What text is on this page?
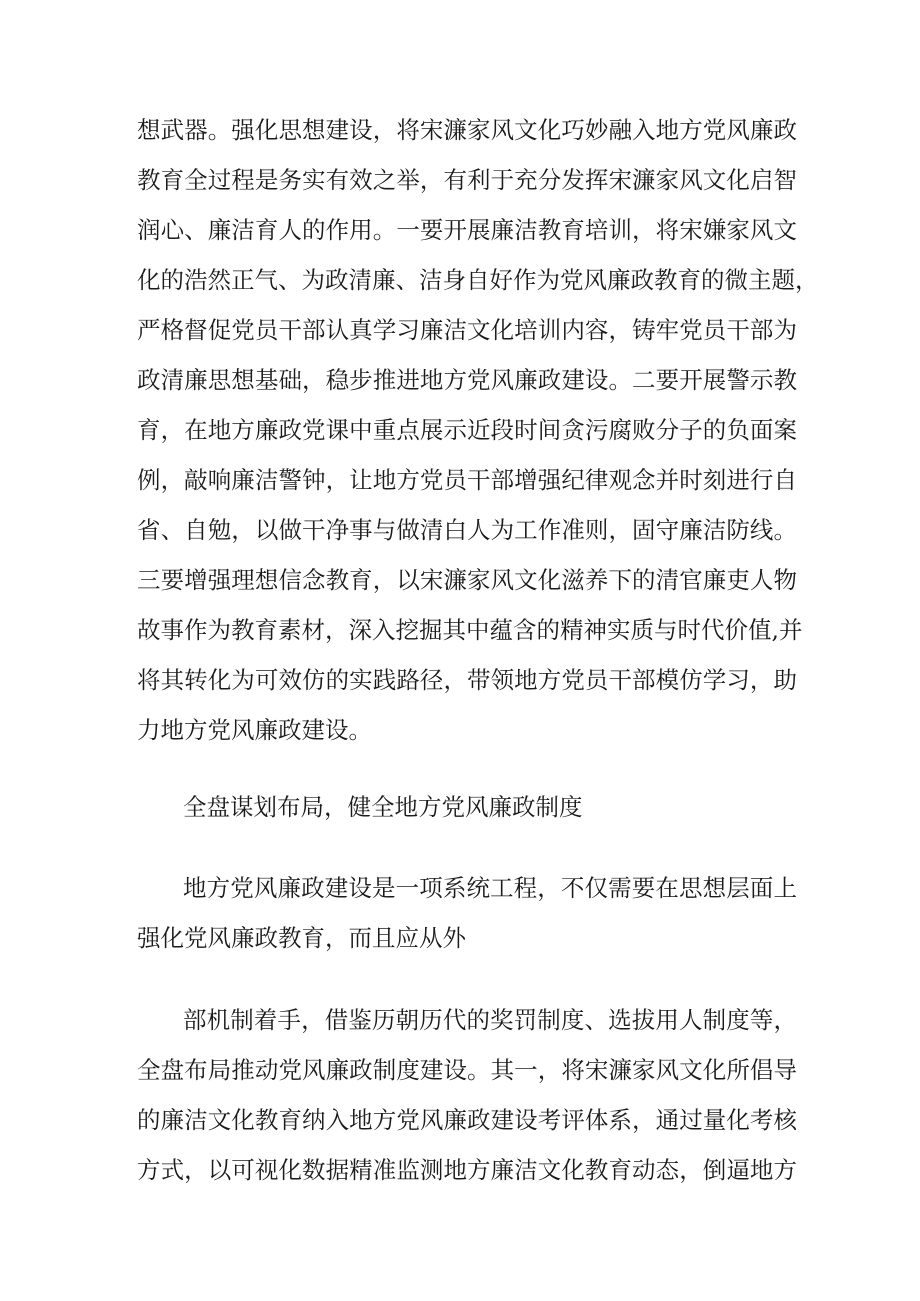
想武器。强化思想建设，将宋濂家风文化巧妙融入地方党风廉政
教育全过程是务实有效之举，有利于充分发挥宋濂家风文化启智
润心、廉洁育人的作用。一要开展廉洁教育培训，将宋嫌家风文
化的浩然正气、为政清廉、洁身自好作为党风廉政教育的微主题，
严格督促党员干部认真学习廉洁文化培训内容，铸牢党员干部为
政清廉思想基础，稳步推进地方党风廉政建设。二要开展警示教
育，在地方廉政党课中重点展示近段时间贪污腐败分子的负面案
例，敲响廉洁警钟，让地方党员干部增强纪律观念并时刻进行自
省、自勉，以做干净事与做清白人为工作准则，固守廉洁防线。
三要增强理想信念教育，以宋濂家风文化滋养下的清官廉吏人物
故事作为教育素材，深入挖掘其中蕴含的精神实质与时代价值,并
将其转化为可效仿的实践路径，带领地方党员干部模仿学习，助
力地方党风廉政建设。
全盘谋划布局，健全地方党风廉政制度
地方党风廉政建设是一项系统工程，不仅需要在思想层面上
强化党风廉政教育，而且应从外
部机制着手，借鉴历朝历代的奖罚制度、选拔用人制度等，
全盘布局推动党风廉政制度建设。其一，将宋濂家风文化所倡导
的廉洁文化教育纳入地方党风廉政建设考评体系，通过量化考核
方式，以可视化数据精准监测地方廉洁文化教育动态，倒逼地方
